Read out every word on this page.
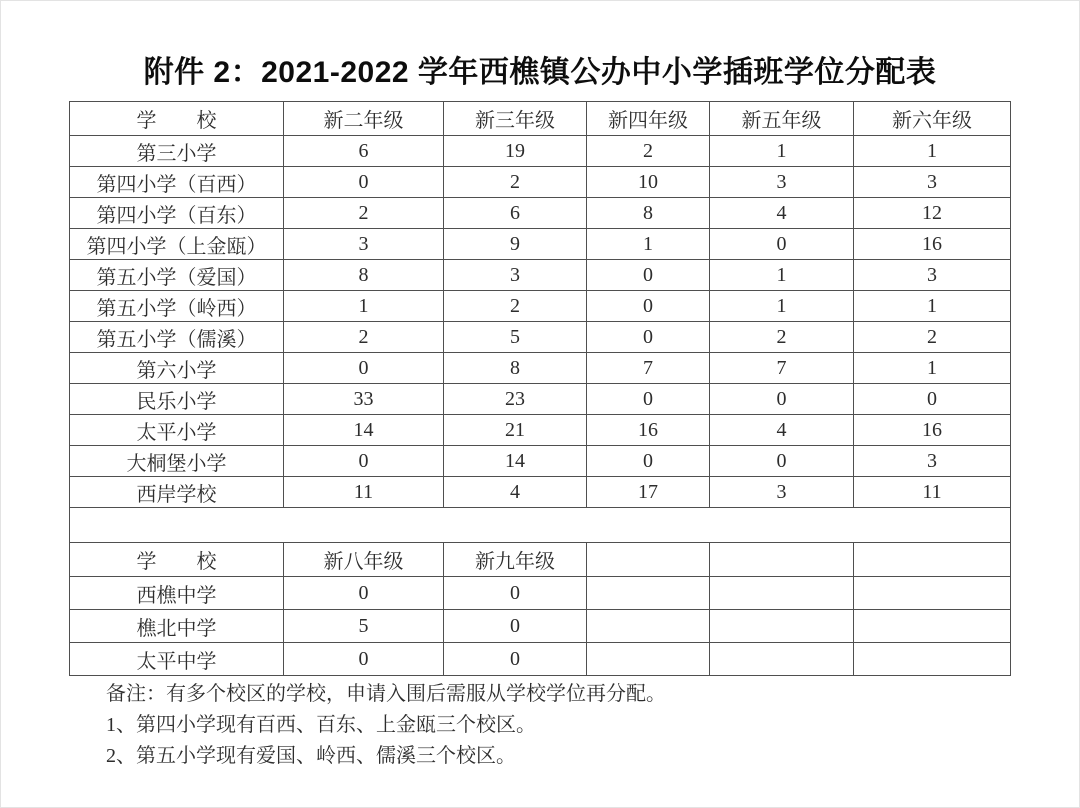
附件 2：2021-2022 学年西樵镇公办中小学插班学位分配表
学　　校	新二年级	新三年级	新四年级	新五年级	新六年级
第三小学	6	19	2	1	1
第四小学（百西）	0	2	10	3	3
第四小学（百东）	2	6	8	4	12
第四小学（上金瓯）	3	9	1	0	16
第五小学（爱国）	8	3	0	1	3
第五小学（岭西）	1	2	0	1	1
第五小学（儒溪）	2	5	0	2	2
第六小学	0	8	7	7	1
民乐小学	33	23	0	0	0
太平小学	14	21	16	4	16
大桐堡小学	0	14	0	0	3
西岸学校	11	4	17	3	11

学　　校	新八年级	新九年级			
西樵中学	0	0			
樵北中学	5	0			
太平中学	0	0			

备注：有多个校区的学校，申请入围后需服从学校学位再分配。

1、第四小学现有百西、百东、上金瓯三个校区。

2、第五小学现有爱国、岭西、儒溪三个校区。
